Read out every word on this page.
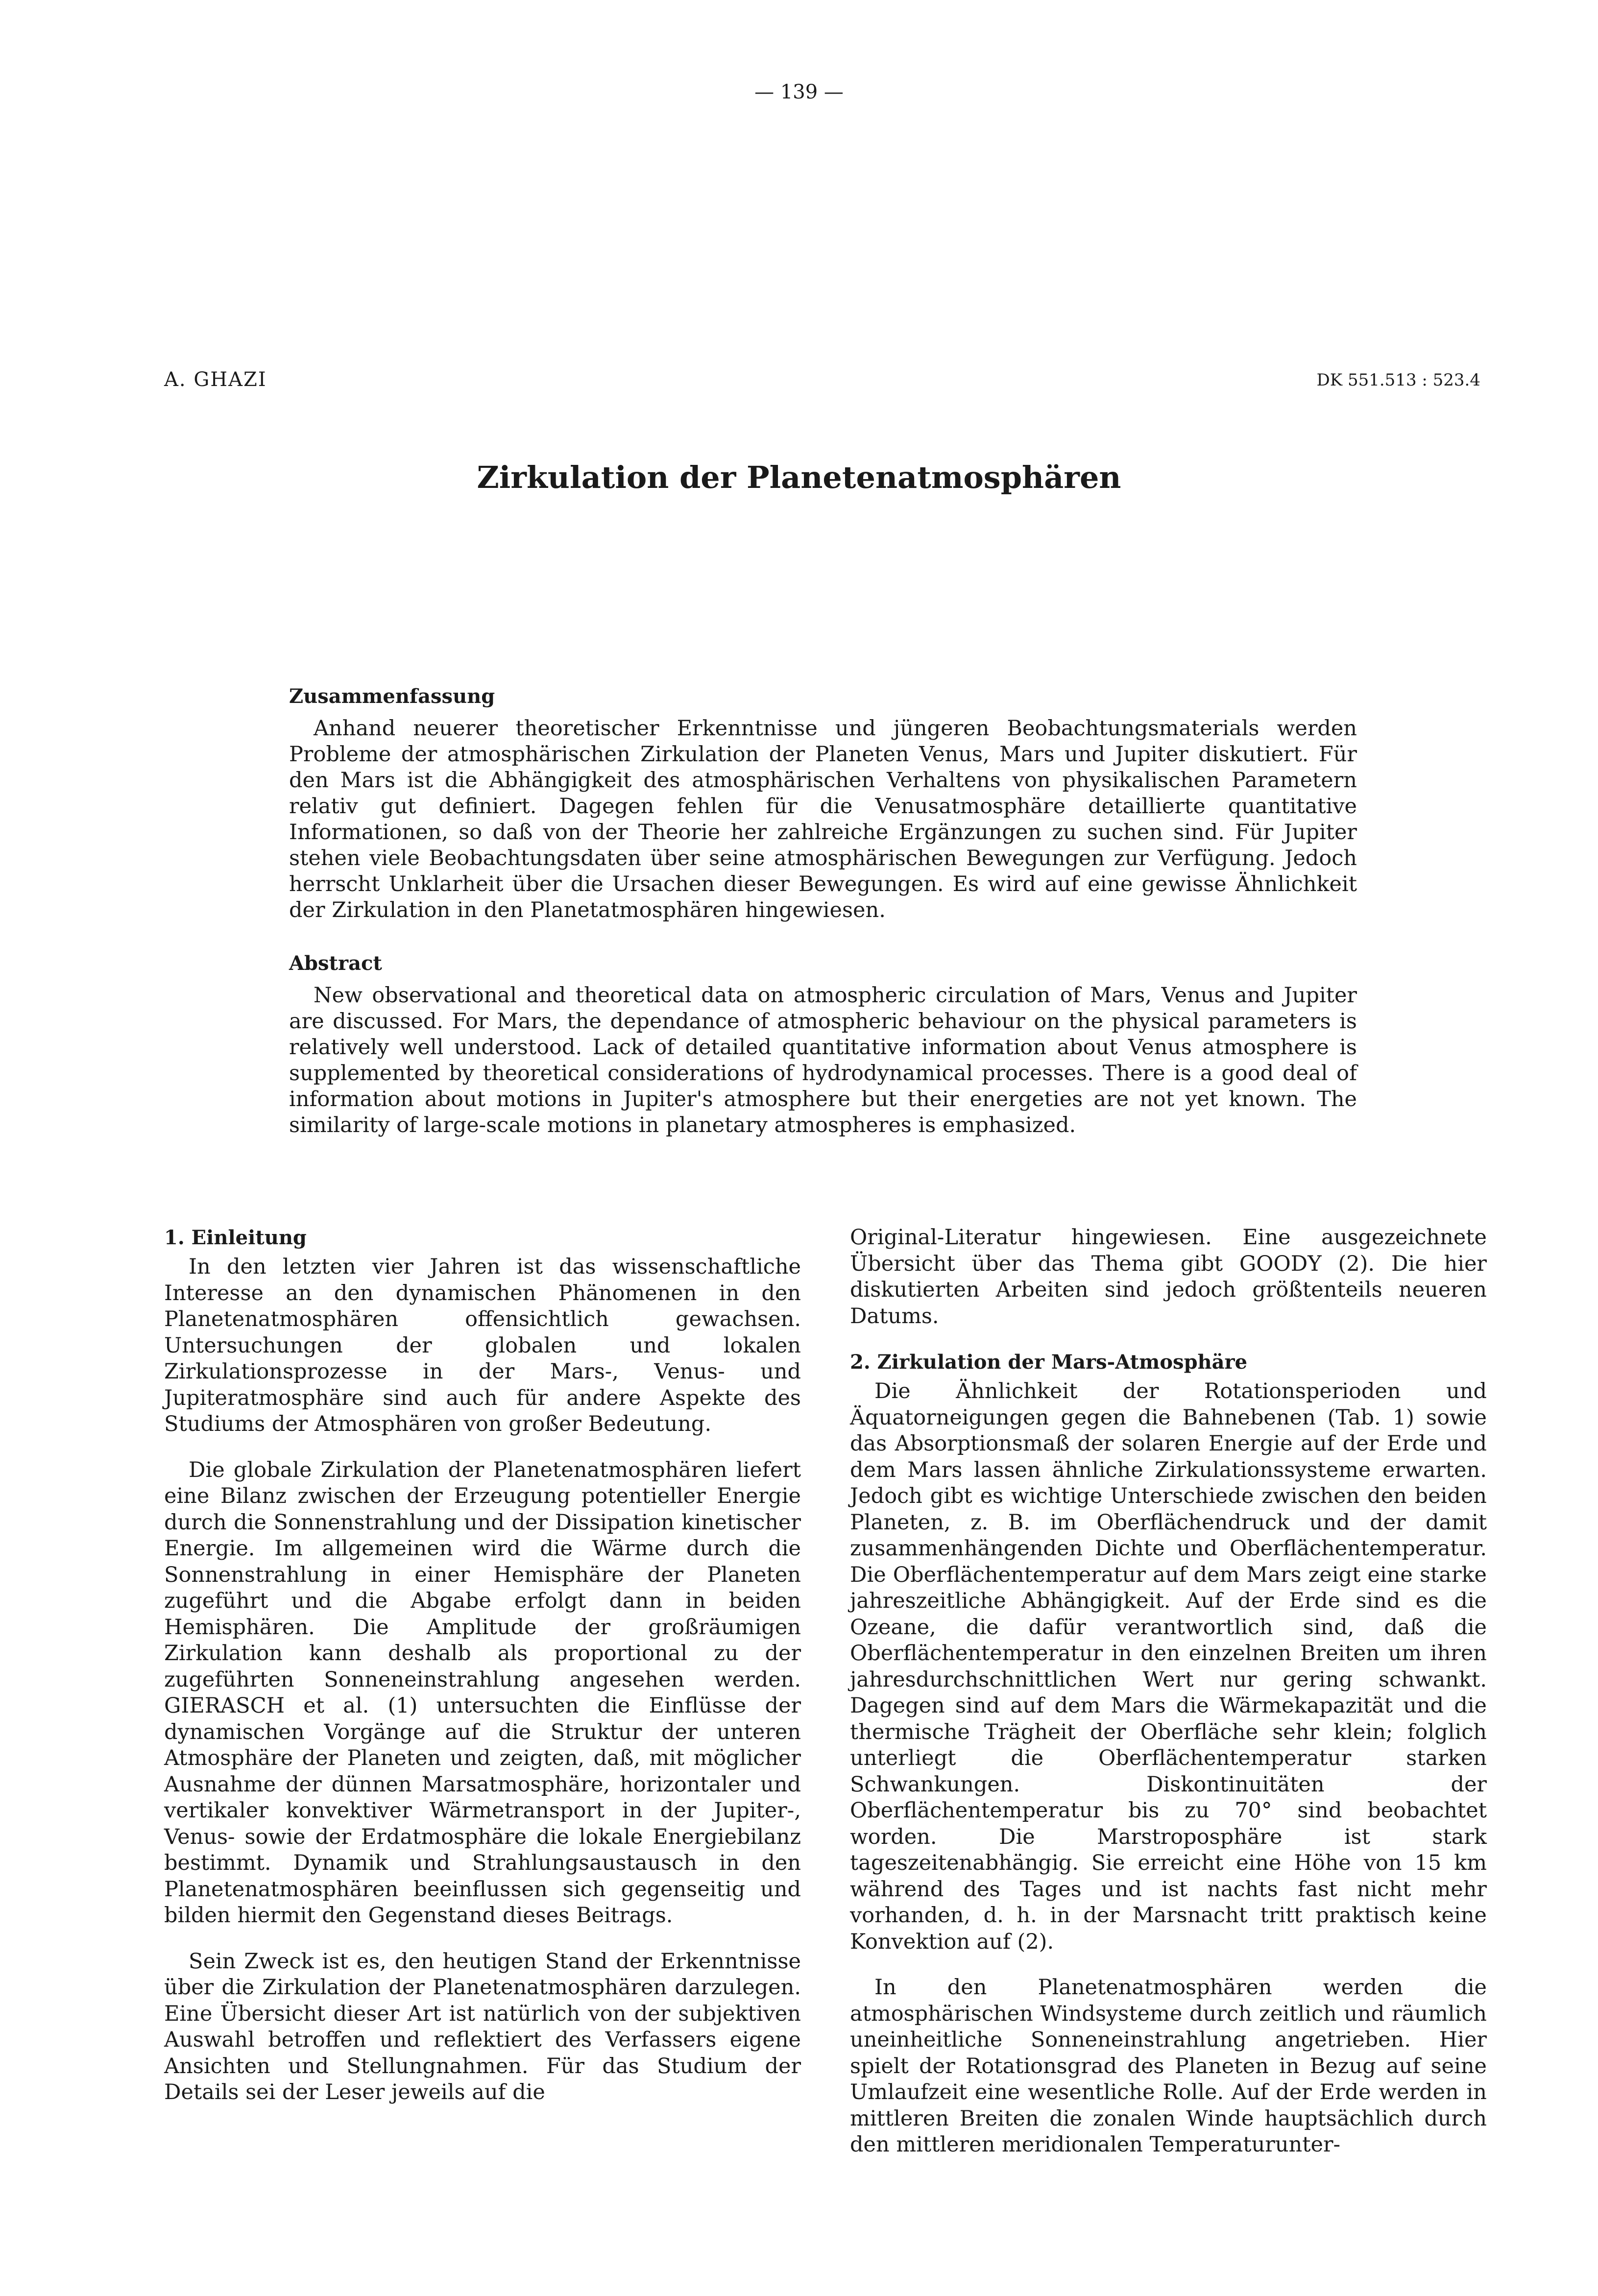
— 139 —
A. GHAZI	DK 551.513 : 523.4
Zirkulation der Planetenatmosphären
Zusammenfassung

Anhand neuerer theoretischer Erkenntnisse und jüngeren Beobachtungsmaterials werden Probleme der atmosphärischen Zirkulation der Planeten Venus, Mars und Jupiter diskutiert. Für den Mars ist die Abhängigkeit des atmosphärischen Verhaltens von physikalischen Parametern relativ gut definiert. Dagegen fehlen für die Venusatmosphäre detaillierte quantitative Informationen, so daß von der Theorie her zahlreiche Ergänzungen zu suchen sind. Für Jupiter stehen viele Beobachtungsdaten über seine atmosphärischen Bewegungen zur Verfügung. Jedoch herrscht Unklarheit über die Ursachen dieser Bewegungen. Es wird auf eine gewisse Ähnlichkeit der Zirkulation in den Planetatmosphären hingewiesen.

Abstract

New observational and theoretical data on atmospheric circulation of Mars, Venus and Jupiter are discussed. For Mars, the dependance of atmospheric behaviour on the physical parameters is relatively well understood. Lack of detailed quantitative information about Venus atmosphere is supplemented by theoretical considerations of hydrodynamical processes. There is a good deal of information about motions in Jupiter's atmosphere but their energeties are not yet known. The similarity of large-scale motions in planetary atmospheres is emphasized.

1. Einleitung

In den letzten vier Jahren ist das wissenschaftliche Interesse an den dynamischen Phänomenen in den Planetenatmosphären offensichtlich gewachsen. Untersuchungen der globalen und lokalen Zirkulationsprozesse in der Mars-, Venus- und Jupiteratmosphäre sind auch für andere Aspekte des Studiums der Atmosphären von großer Bedeutung.

Die globale Zirkulation der Planetenatmosphären liefert eine Bilanz zwischen der Erzeugung potentieller Energie durch die Sonnenstrahlung und der Dissipation kinetischer Energie. Im allgemeinen wird die Wärme durch die Sonnenstrahlung in einer Hemisphäre der Planeten zugeführt und die Abgabe erfolgt dann in beiden Hemisphären. Die Amplitude der großräumigen Zirkulation kann deshalb als proportional zu der zugeführten Sonneneinstrahlung angesehen werden. GIERASCH et al. (1) untersuchten die Einflüsse der dynamischen Vorgänge auf die Struktur der unteren Atmosphäre der Planeten und zeigten, daß, mit möglicher Ausnahme der dünnen Marsatmosphäre, horizontaler und vertikaler konvektiver Wärmetransport in der Jupiter-, Venus- sowie der Erdatmosphäre die lokale Energiebilanz bestimmt. Dynamik und Strahlungsaustausch in den Planetenatmosphären beeinflussen sich gegenseitig und bilden hiermit den Gegenstand dieses Beitrags.

Sein Zweck ist es, den heutigen Stand der Erkenntnisse über die Zirkulation der Planetenatmosphären darzulegen. Eine Übersicht dieser Art ist natürlich von der subjektiven Auswahl betroffen und reflektiert des Verfassers eigene Ansichten und Stellungnahmen. Für das Studium der Details sei der Leser jeweils auf die

Original-Literatur hingewiesen. Eine ausgezeichnete Übersicht über das Thema gibt GOODY (2). Die hier diskutierten Arbeiten sind jedoch größtenteils neueren Datums.

2. Zirkulation der Mars-Atmosphäre

Die Ähnlichkeit der Rotationsperioden und Äquatorneigungen gegen die Bahnebenen (Tab. 1) sowie das Absorptionsmaß der solaren Energie auf der Erde und dem Mars lassen ähnliche Zirkulationssysteme erwarten. Jedoch gibt es wichtige Unterschiede zwischen den beiden Planeten, z. B. im Oberflächendruck und der damit zusammenhängenden Dichte und Oberflächentemperatur. Die Oberflächentemperatur auf dem Mars zeigt eine starke jahreszeitliche Abhängigkeit. Auf der Erde sind es die Ozeane, die dafür verantwortlich sind, daß die Oberflächentemperatur in den einzelnen Breiten um ihren jahresdurchschnittlichen Wert nur gering schwankt. Dagegen sind auf dem Mars die Wärmekapazität und die thermische Trägheit der Oberfläche sehr klein; folglich unterliegt die Oberflächentemperatur starken Schwankungen. Diskontinuitäten der Oberflächentemperatur bis zu 70° sind beobachtet worden. Die Marstroposphäre ist stark tageszeitenabhängig. Sie erreicht eine Höhe von 15 km während des Tages und ist nachts fast nicht mehr vorhanden, d. h. in der Marsnacht tritt praktisch keine Konvektion auf (2).

In den Planetenatmosphären werden die atmosphärischen Windsysteme durch zeitlich und räumlich uneinheitliche Sonneneinstrahlung angetrieben. Hier spielt der Rotationsgrad des Planeten in Bezug auf seine Umlaufzeit eine wesentliche Rolle. Auf der Erde werden in mittleren Breiten die zonalen Winde hauptsächlich durch den mittleren meridionalen Temperaturunter-
